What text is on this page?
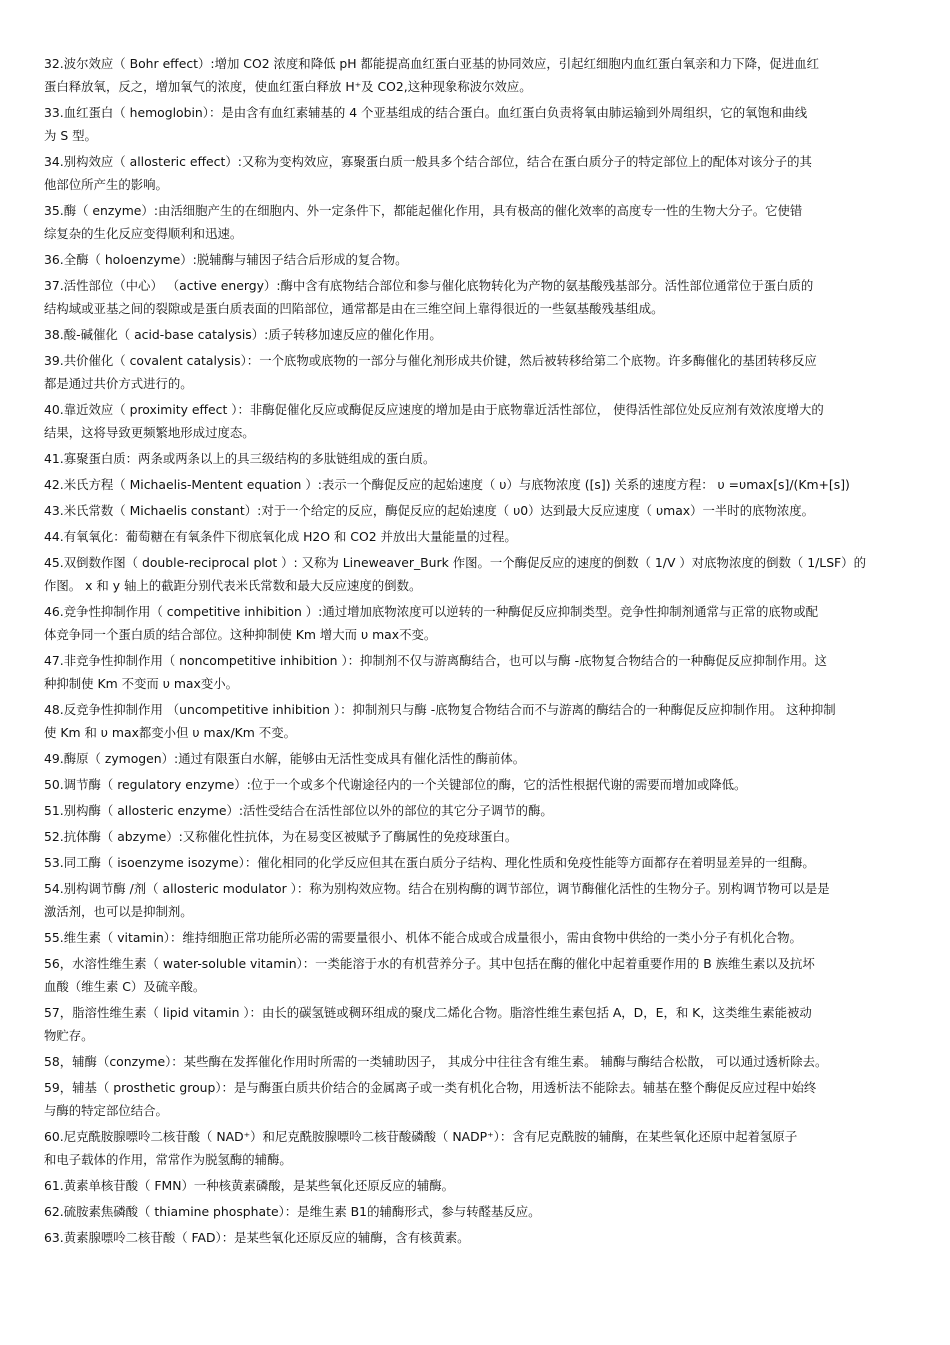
32.波尔效应（ Bohr effect）:增加 CO2 浓度和降低 pH 都能提高血红蛋白亚基的协同效应，引起红细胞内血红蛋白氧亲和力下降，促进血红
蛋白释放氧，反之，增加氧气的浓度，使血红蛋白释放 H⁺及 CO2,这种现象称波尔效应。
33.血红蛋白（ hemoglobin）：是由含有血红素辅基的 4 个亚基组成的结合蛋白。血红蛋白负责将氧由肺运输到外周组织，它的氧饱和曲线
为 S 型。
34.别构效应（ allosteric effect）:又称为变构效应，寡聚蛋白质一般具多个结合部位，结合在蛋白质分子的特定部位上的配体对该分子的其
他部位所产生的影响。
35.酶（ enzyme）:由活细胞产生的在细胞内、外一定条件下，都能起催化作用，具有极高的催化效率的高度专一性的生物大分子。它使错
综复杂的生化反应变得顺利和迅速。
36.全酶（ holoenzyme）:脱辅酶与辅因子结合后形成的复合物。
37.活性部位（中心） （active energy）:酶中含有底物结合部位和参与催化底物转化为产物的氨基酸残基部分。活性部位通常位于蛋白质的
结构域或亚基之间的裂隙或是蛋白质表面的凹陷部位，通常都是由在三维空间上靠得很近的一些氨基酸残基组成。
38.酸-碱催化（ acid-base catalysis）:质子转移加速反应的催化作用。
39.共价催化（ covalent catalysis）：一个底物或底物的一部分与催化剂形成共价键，然后被转移给第二个底物。许多酶催化的基团转移反应
都是通过共价方式进行的。
40.靠近效应（ proximity effect ）：非酶促催化反应或酶促反应速度的增加是由于底物靠近活性部位， 使得活性部位处反应剂有效浓度增大的
结果，这将导致更频繁地形成过度态。
41.寡聚蛋白质：两条或两条以上的具三级结构的多肽链组成的蛋白质。
42.米氏方程（ Michaelis-Mentent equation ）:表示一个酶促反应的起始速度（ υ）与底物浓度 ([s]) 关系的速度方程： υ =υmax[s]/(Km+[s])
43.米氏常数（ Michaelis constant）:对于一个给定的反应，酶促反应的起始速度（ υ0）达到最大反应速度（ υmax）一半时的底物浓度。
44.有氧氧化：葡萄糖在有氧条件下彻底氧化成 H2O 和 CO2 并放出大量能量的过程。
45.双倒数作图（ double-reciprocal plot ）: 又称为 Lineweaver_Burk 作图。一个酶促反应的速度的倒数（ 1/V ）对底物浓度的倒数（ 1/LSF）的
作图。 x 和 y 轴上的截距分别代表米氏常数和最大反应速度的倒数。
46.竞争性抑制作用（ competitive inhibition ）:通过增加底物浓度可以逆转的一种酶促反应抑制类型。竞争性抑制剂通常与正常的底物或配
体竞争同一个蛋白质的结合部位。这种抑制使 Km 增大而 υ max不变。
47.非竞争性抑制作用（ noncompetitive inhibition ）：抑制剂不仅与游离酶结合，也可以与酶 -底物复合物结合的一种酶促反应抑制作用。这
种抑制使 Km 不变而 υ max变小。
48.反竞争性抑制作用 （uncompetitive inhibition ）：抑制剂只与酶 -底物复合物结合而不与游离的酶结合的一种酶促反应抑制作用。 这种抑制
使 Km 和 υ max都变小但 υ max/Km 不变。
49.酶原（ zymogen）:通过有限蛋白水解，能够由无活性变成具有催化活性的酶前体。
50.调节酶（ regulatory enzyme）:位于一个或多个代谢途径内的一个关键部位的酶，它的活性根据代谢的需要而增加或降低。
51.别构酶（ allosteric enzyme）:活性受结合在活性部位以外的部位的其它分子调节的酶。
52.抗体酶（ abzyme）:又称催化性抗体，为在易变区被赋予了酶属性的免疫球蛋白。
53.同工酶（ isoenzyme isozyme）：催化相同的化学反应但其在蛋白质分子结构、理化性质和免疫性能等方面都存在着明显差异的一组酶。
54.别构调节酶 /剂（ allosteric modulator ）：称为别构效应物。结合在别构酶的调节部位，调节酶催化活性的生物分子。别构调节物可以是是
激活剂，也可以是抑制剂。
55.维生素（ vitamin）：维持细胞正常功能所必需的需要量很小、机体不能合成或合成量很小，需由食物中供给的一类小分子有机化合物。
56，水溶性维生素（ water-soluble vitamin）：一类能溶于水的有机营养分子。其中包括在酶的催化中起着重要作用的 B 族维生素以及抗坏
血酸（维生素 C）及硫辛酸。
57，脂溶性维生素（ lipid vitamin ）：由长的碳氢链或稠环组成的聚戊二烯化合物。脂溶性维生素包括 A，D，E，和 K，这类维生素能被动
物贮存。
58，辅酶（conzyme）：某些酶在发挥催化作用时所需的一类辅助因子， 其成分中往往含有维生素。 辅酶与酶结合松散， 可以通过透析除去。
59，辅基（ prosthetic group）：是与酶蛋白质共价结合的金属离子或一类有机化合物，用透析法不能除去。辅基在整个酶促反应过程中始终
与酶的特定部位结合。
60.尼克酰胺腺嘌呤二核苷酸（ NAD⁺）和尼克酰胺腺嘌呤二核苷酸磷酸（ NADP⁺）：含有尼克酰胺的辅酶，在某些氧化还原中起着氢原子
和电子载体的作用，常常作为脱氢酶的辅酶。
61.黄素单核苷酸（ FMN）一种核黄素磷酸，是某些氧化还原反应的辅酶。
62.硫胺素焦磷酸（ thiamine phosphate）：是维生素 B1的辅酶形式，参与转醛基反应。
63.黄素腺嘌呤二核苷酸（ FAD）：是某些氧化还原反应的辅酶，含有核黄素。
